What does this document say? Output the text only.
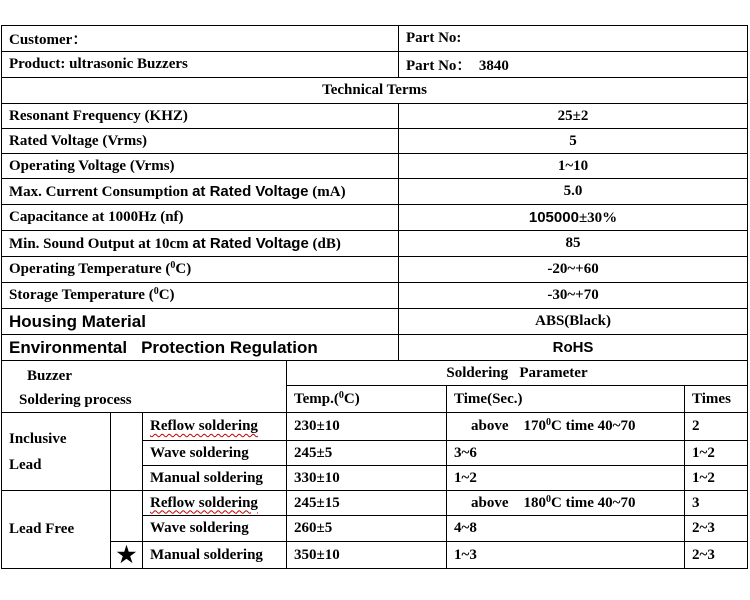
Customer：				Part No:		
Product: ultrasonic Buzzers				Part No： 3840		
Technical Terms						
Resonant Frequency (KHZ)				25±2		
Rated Voltage (Vrms)				5		
Operating Voltage (Vrms)				1~10		
Max. Current Consumption at Rated Voltage (mA)				5.0		
Capacitance at 1000Hz (nf)				105000±30%		
Min. Sound Output at 10cm at Rated Voltage (dB)				85		
Operating Temperature ($^0$C)				-20~+60		
Storage Temperature ($^0$C)				-30~+70		
Housing Material				ABS(Black)		
Environmental Protection Regulation				RoHS		

Buzzer
Soldering process			Soldering   Parameter			
			Temp.($^0$C)		Time(Sec.)	Times
Inclusive
Lead		Reflow soldering	230±10		above    $170^0C$ time 40~70	2
		Wave soldering	245±5		3~6	1~2
		Manual soldering	330±10		1~2	1~2
Lead Free		Reflow soldering	245±15		above    $180^0C$ time 40~70	3
		Wave soldering	260±5		4~8	2~3
	★	Manual soldering	350±10		1~3	2~3
